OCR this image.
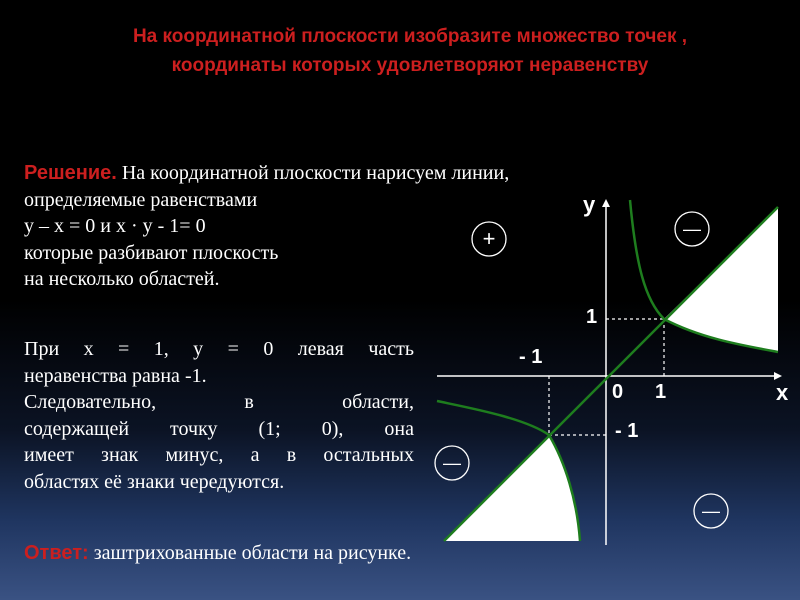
На координатной плоскости изобразите множество точек ,
координаты которых удовлетворяют неравенству
Решение. На координатной плоскости нарисуем линии,
определяемые равенствами
y – x = 0 и x · y - 1= 0
которые разбивают плоскость
на несколько областей.
При x = 1, y = 0 левая часть
неравенства равна -1.
Следовательно, в области,
содержащей точку (1; 0), она
имеет знак минус, а в остальных
областях её знаки чередуются.
Ответ: заштрихованные области на рисунке.
y
x
0 1
1
- 1
- 1
+	—
—
—
